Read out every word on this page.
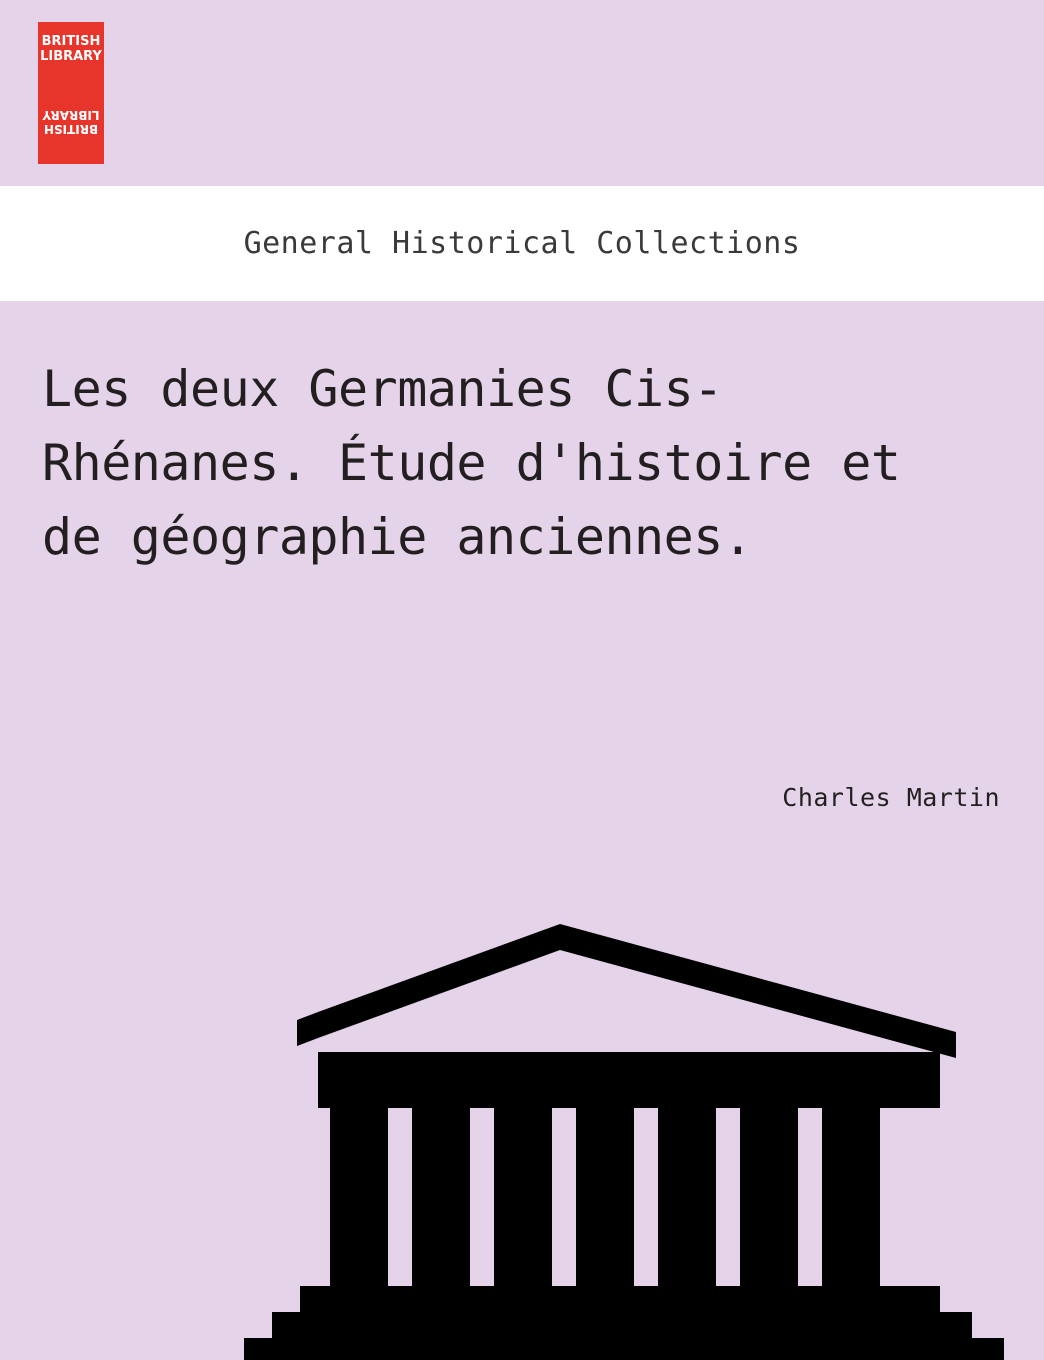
BRITISH
LIBRARY
BRITISH LIBRARY
General Historical Collections
Les deux Germanies Cis-Rhénanes. Étude d'histoire et de géographie anciennes.
Charles Martin
